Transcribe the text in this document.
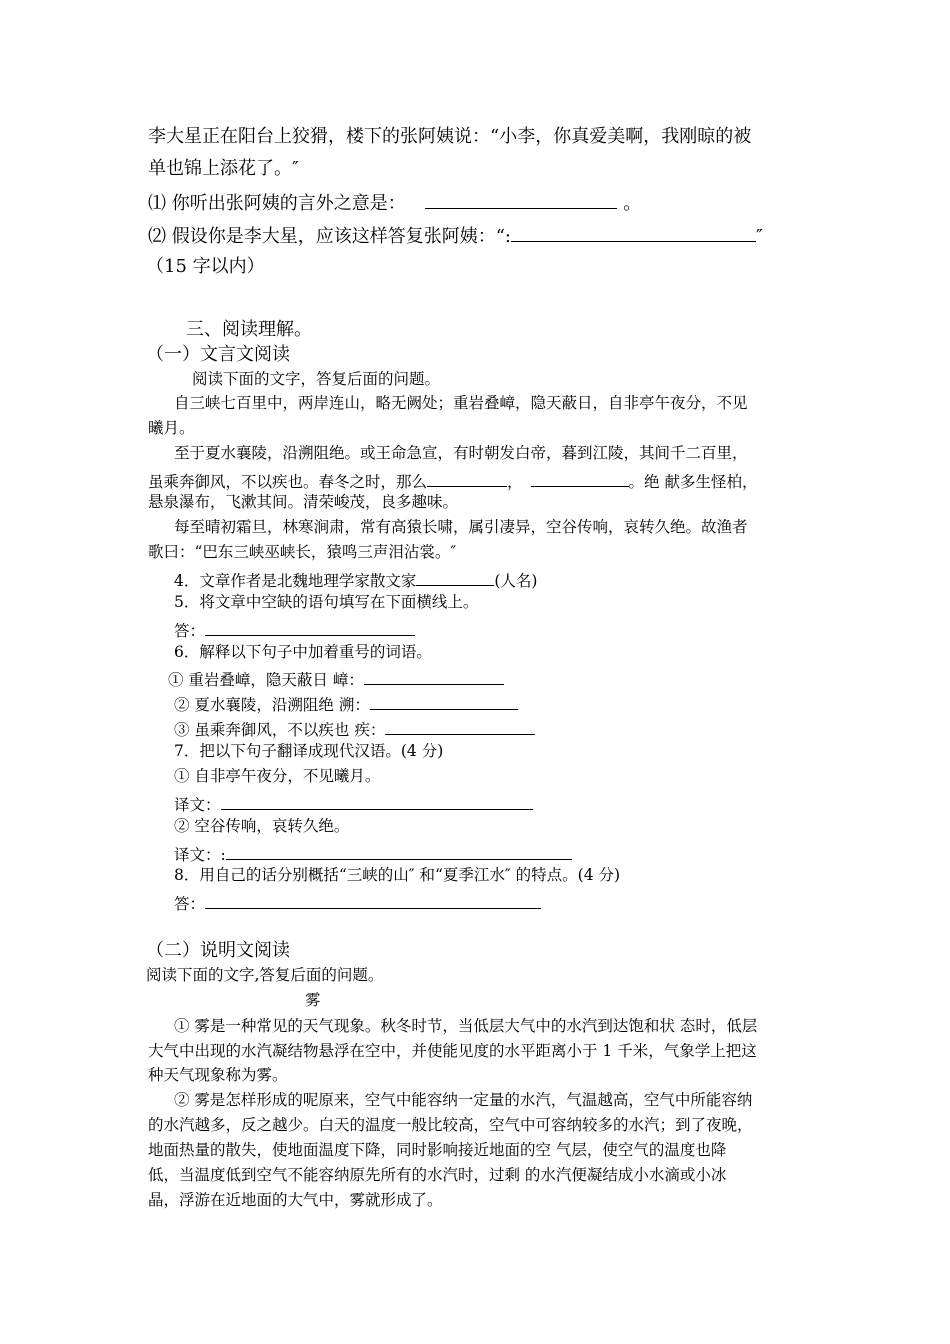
李大星正在阳台上狡猾，楼下的张阿姨说：“小李，你真爱美啊，我刚晾的被
单也锦上添花了。″
⑴ 你听出张阿姨的言外之意是：	。
⑵ 假设你是李大星，应该这样答复张阿姨：“:	″
（15 字以内）
三、阅读理解。
（一）文言文阅读
阅读下面的文字，答复后面的问题。
自三峡七百里中，两岸连山，略无阙处；重岩叠嶂，隐天蔽日，自非亭午夜分，不见
曦月。
至于夏水襄陵，沿溯阻绝。或王命急宣，有时朝发白帝，暮到江陵，其间千二百里，
虽乘奔御风，不以疾也。春冬之时，那么	，	。绝 献多生怪柏，
悬泉瀑布，飞漱其间。清荣峻茂，良多趣味。
每至晴初霜旦，林寒涧肃，常有高猿长啸，属引凄异，空谷传响，哀转久绝。故渔者
歌曰：“巴东三峡巫峡长，猿鸣三声泪沾裳。″
4．文章作者是北魏地理学家散文家	(人名)
5．将文章中空缺的语句填写在下面横线上。
答：
6．解释以下句子中加着重号的词语。
① 重岩叠嶂，隐天蔽日 嶂：
② 夏水襄陵，沿溯阻绝 溯：
③ 虽乘奔御风，不以疾也 疾：
7．把以下句子翻译成现代汉语。(4 分)
① 自非亭午夜分，不见曦月。
译文：
② 空谷传响，哀转久绝。
译文：:
8．用自己的话分别概括“三峡的山″ 和“夏季江水″ 的特点。(4 分)
答：
（二）说明文阅读
阅读下面的文字,答复后面的问题。
雾
① 雾是一种常见的天气现象。秋冬时节，当低层大气中的水汽到达饱和状 态时，低层
大气中出现的水汽凝结物悬浮在空中，并使能见度的水平距离小于 1 千米，气象学上把这
种天气现象称为雾。
② 雾是怎样形成的呢原来，空气中能容纳一定量的水汽，气温越高，空气中所能容纳
的水汽越多，反之越少。白天的温度一般比较高，空气中可容纳较多的水汽；到了夜晚，
地面热量的散失，使地面温度下降，同时影响接近地面的空 气层，使空气的温度也降
低，当温度低到空气不能容纳原先所有的水汽时，过剩 的水汽便凝结成小水滴或小冰
晶，浮游在近地面的大气中，雾就形成了。
